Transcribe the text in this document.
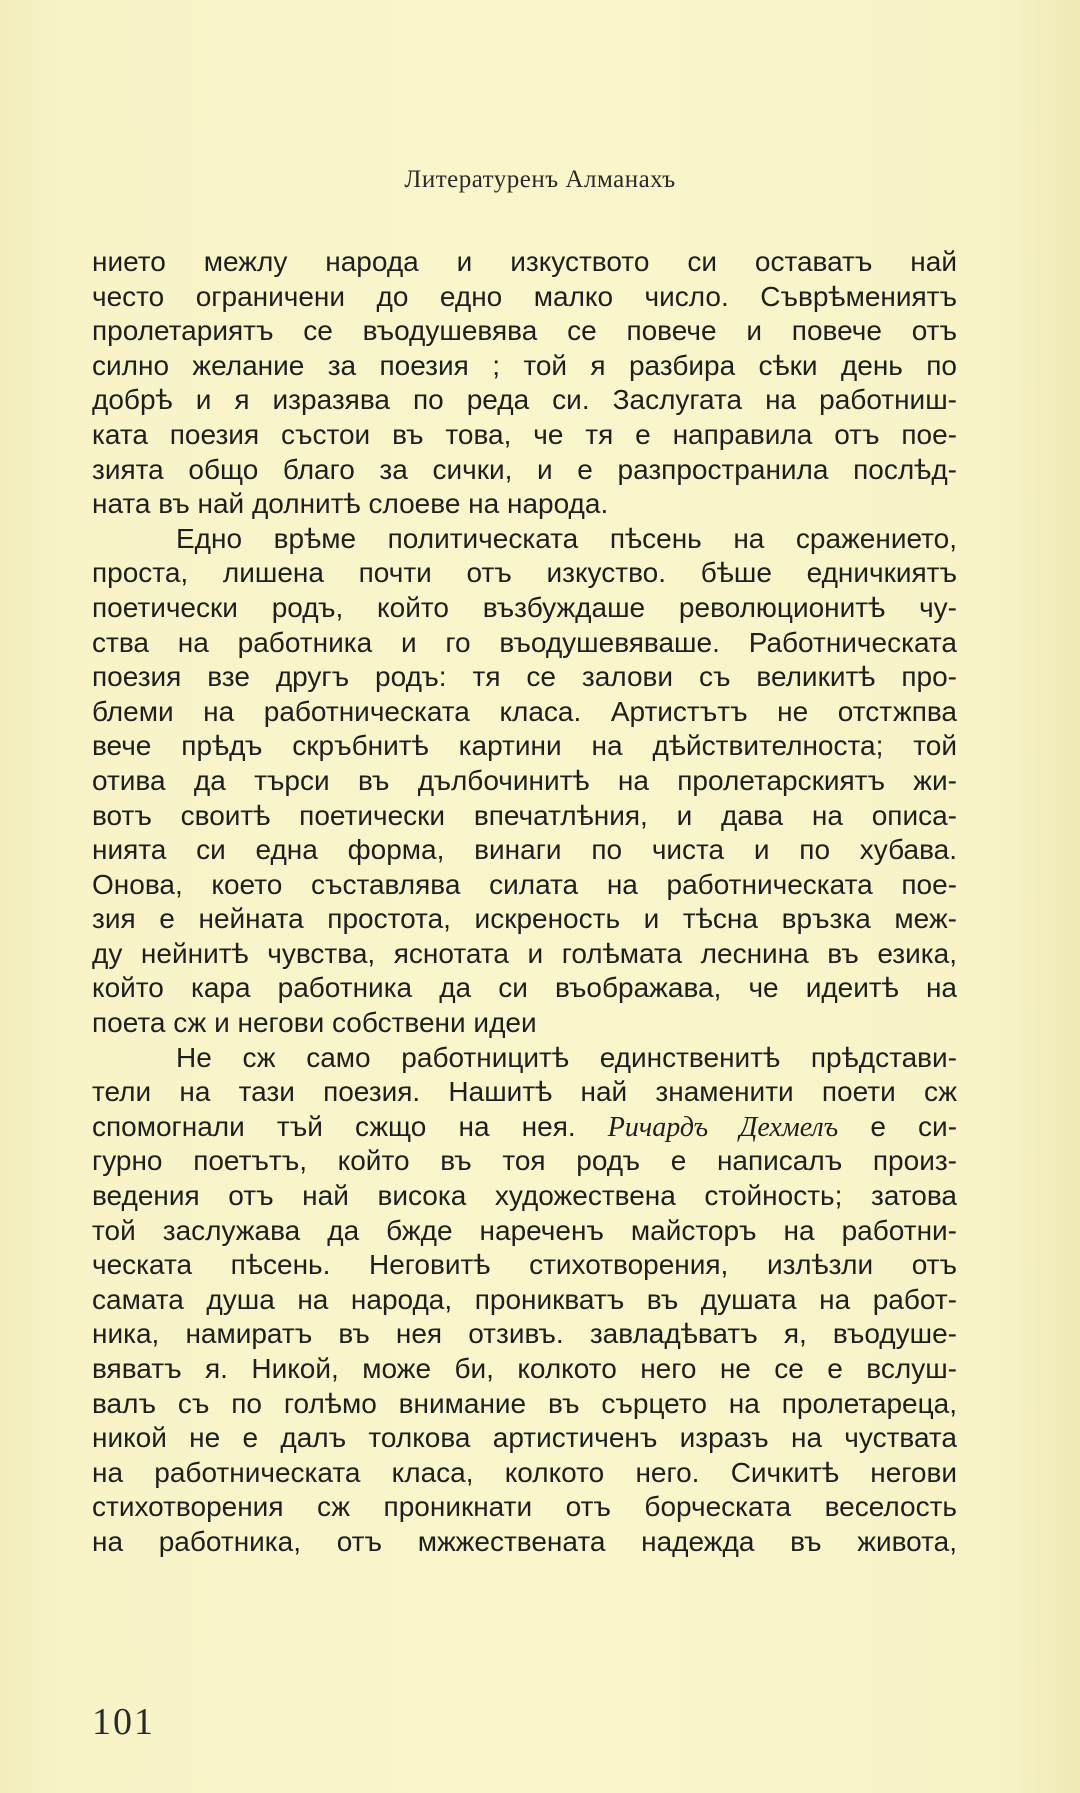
Литературенъ Алманахъ
нието межлу народа и изкуството си оставатъ най
често ограничени до едно малко число. Съврѣмениятъ
пролетариятъ се въодушевява се повече и повече отъ
силно желание за поезия ; той я разбира сѣки день по
добрѣ и я изразява по реда си. Заслугата на работниш-
ката поезия състои въ това, че тя е направила отъ пое-
зията общо благо за сички, и е разпространила послѣд-
ната въ най долнитѣ слоеве на народа.
Едно врѣме политическата пѣсень на сражението,
проста, лишена почти отъ изкуство. бѣше едничкиятъ
поетически родъ, който възбуждаше революционитѣ чу-
ства на работника и го въодушевяваше. Работническата
поезия взе другъ родъ: тя се залови съ великитѣ про-
блеми на работническата класа. Артистътъ не отстжпва
вече прѣдъ скръбнитѣ картини на дѣйствителноста; той
отива да търси въ дълбочинитѣ на пролетарскиятъ жи-
вотъ своитѣ поетически впечатлѣния, и дава на описа-
нията си една форма, винаги по чиста и по хубава.
Онова, което съставлява силата на работническата пое-
зия е нейната простота, искреность и тѣсна връзка меж-
ду нейнитѣ чувства, яснотата и голѣмата леснина въ езика,
който кара работника да си въображава, че идеитѣ на
поета сж и негови собствени идеи
Не сж само работницитѣ единственитѣ прѣдстави-
тели на тази поезия. Нашитѣ най знаменити поети сж
спомогнали тъй сжщо на нея. Ричардъ Дехмелъ е си-
гурно поетътъ, който въ тоя родъ е написалъ произ-
ведения отъ най висока художествена стойность; затова
той заслужава да бжде нареченъ майсторъ на работни-
ческата пѣсень. Неговитѣ стихотворения, излѣзли отъ
самата душа на народа, проникватъ въ душата на работ-
ника, намиратъ въ нея отзивъ. завладѣватъ я, въодуше-
вяватъ я. Никой, може би, колкото него не се е вслуш-
валъ съ по голѣмо внимание въ сърцето на пролетареца,
никой не е далъ толкова артистиченъ изразъ на чуствата
на работническата класа, колкото него. Сичкитѣ негови
стихотворения сж проникнати отъ борческата веселость
на работника, отъ мжжествената надежда въ живота,
101
